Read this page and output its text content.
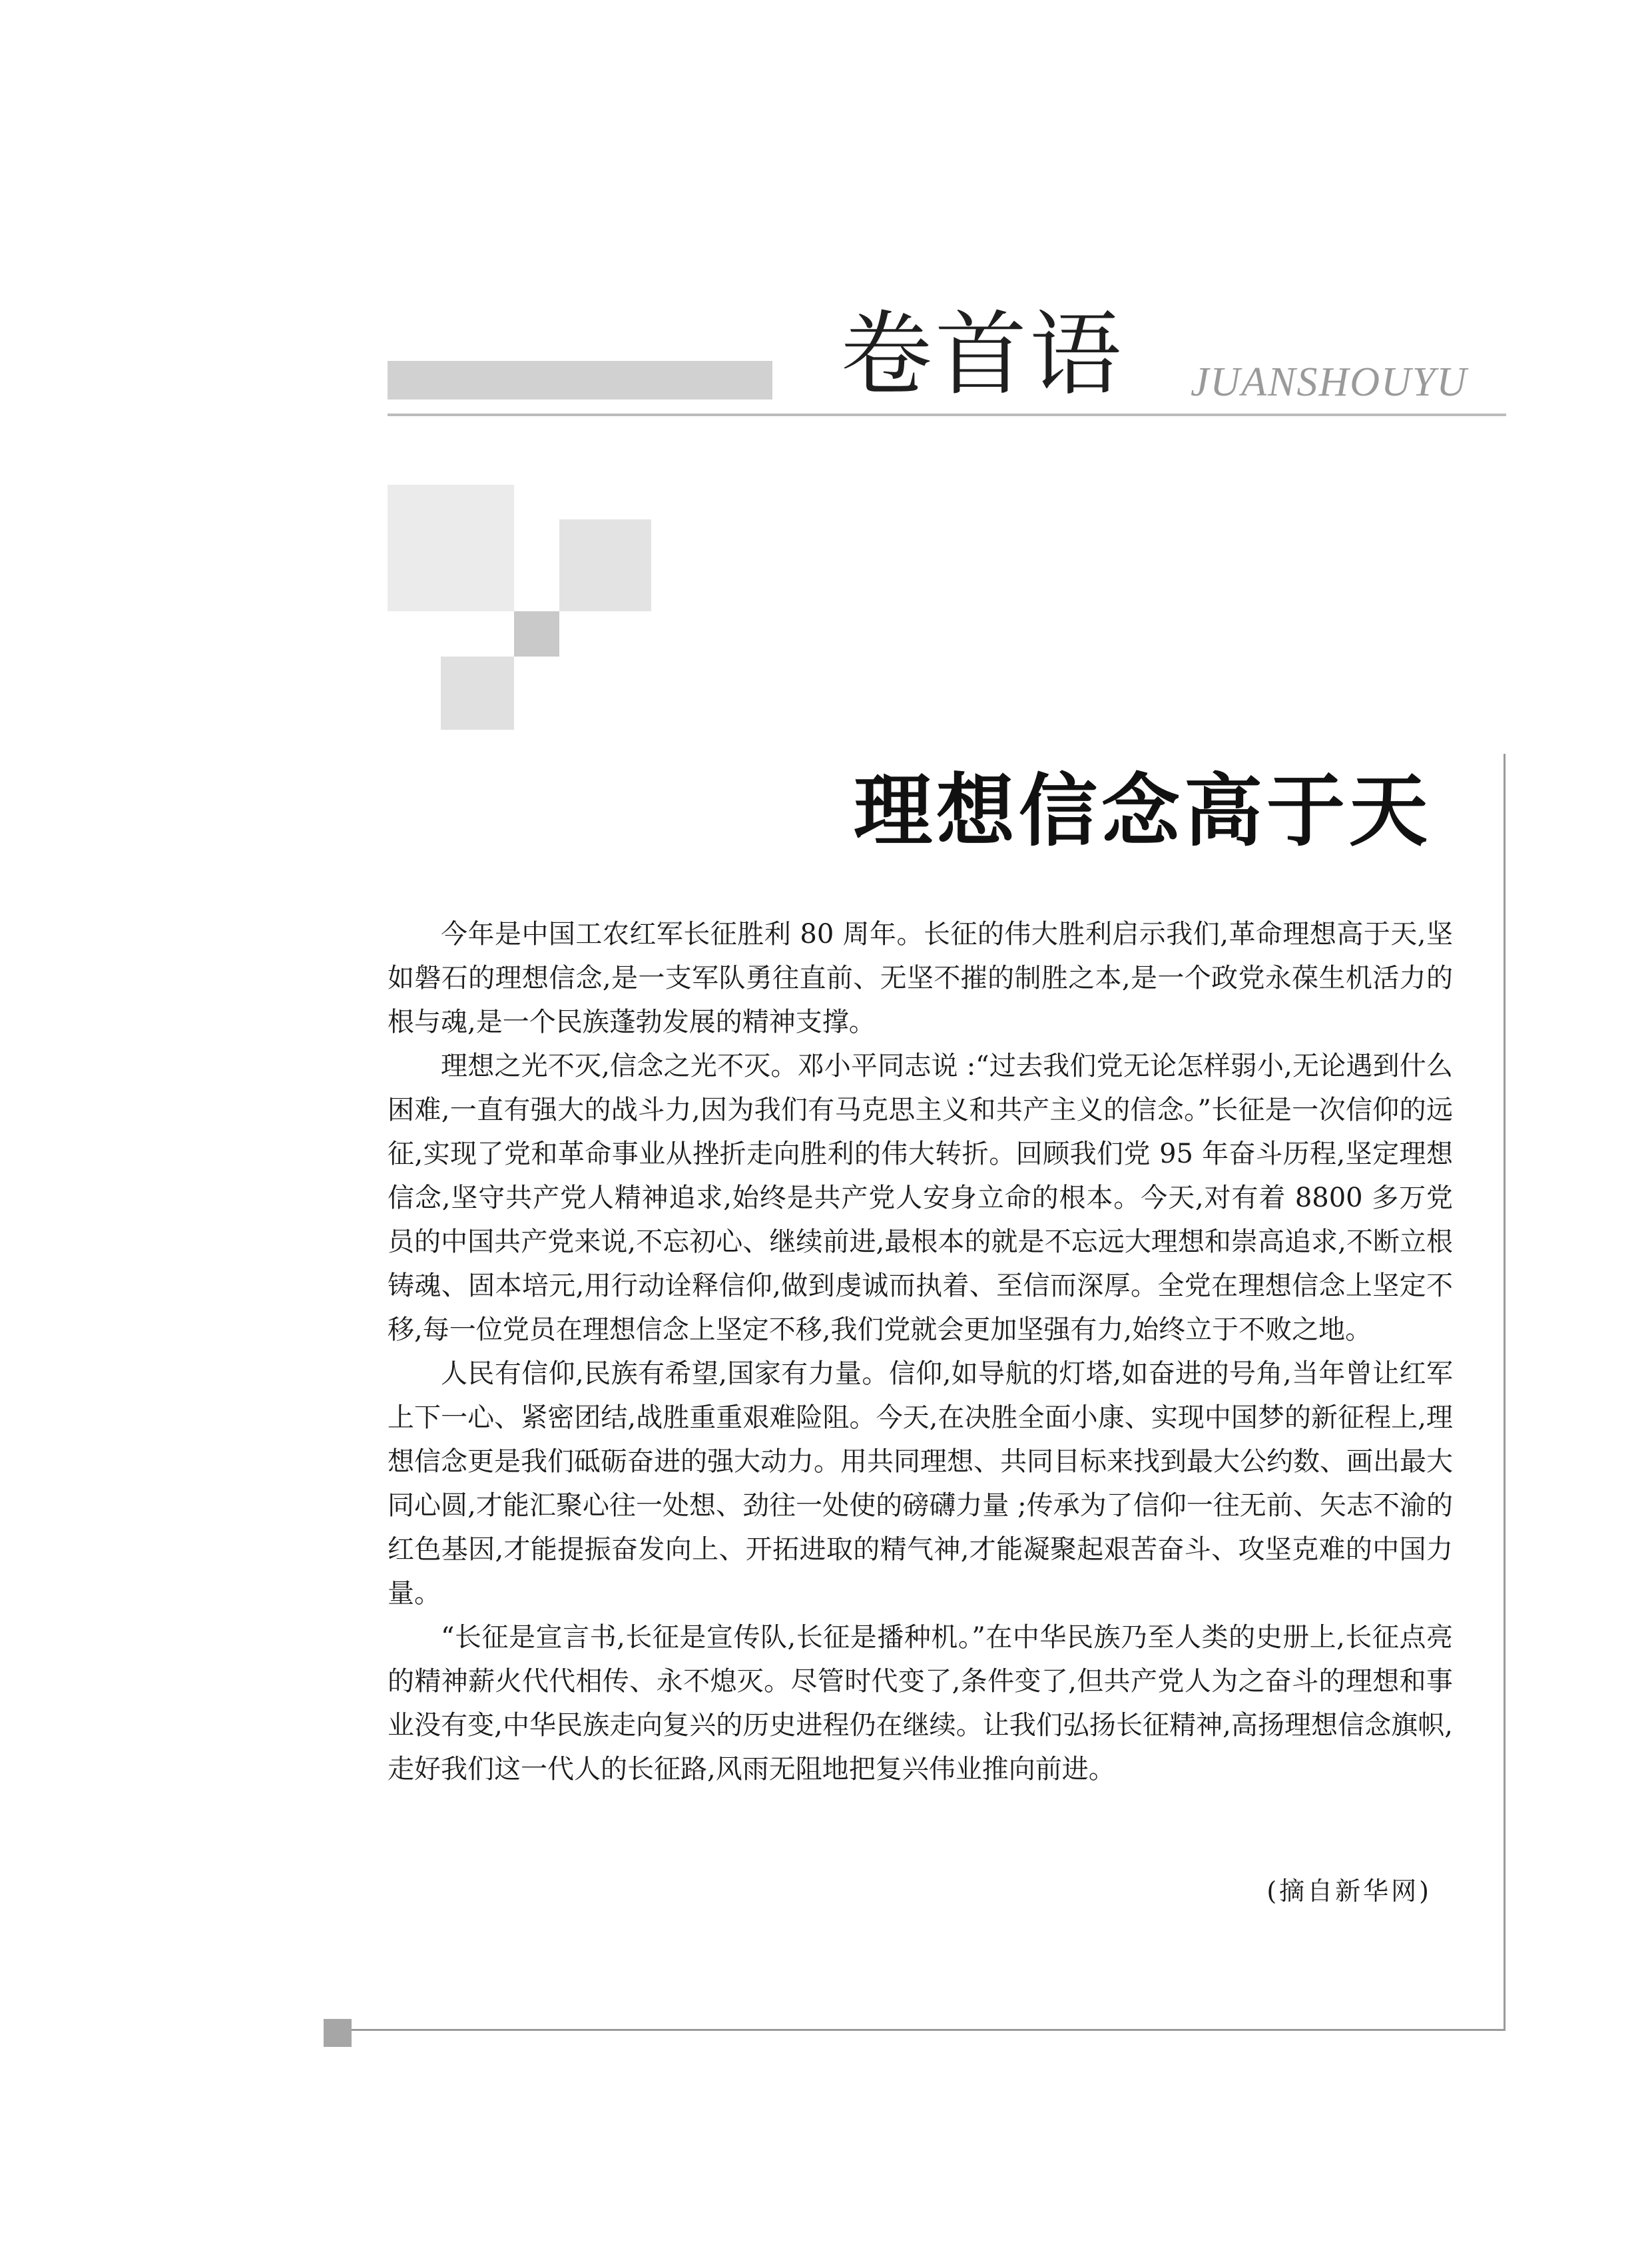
卷首语 JUANSHOUYU
理想信念高于天

今年是中国工农红军长征胜利 80 周年。长征的伟大胜利启示我们,革命理想高于天,坚如磐石的理想信念,是一支军队勇往直前、无坚不摧的制胜之本,是一个政党永葆生机活力的根与魂,是一个民族蓬勃发展的精神支撑。

理想之光不灭,信念之光不灭。邓小平同志说 :“过去我们党无论怎样弱小,无论遇到什么困难,一直有强大的战斗力,因为我们有马克思主义和共产主义的信念。”长征是一次信仰的远征,实现了党和革命事业从挫折走向胜利的伟大转折。回顾我们党 95 年奋斗历程,坚定理想信念,坚守共产党人精神追求,始终是共产党人安身立命的根本。今天,对有着 8800 多万党员的中国共产党来说,不忘初心、继续前进,最根本的就是不忘远大理想和崇高追求,不断立根铸魂、固本培元,用行动诠释信仰,做到虔诚而执着、至信而深厚。全党在理想信念上坚定不移,每一位党员在理想信念上坚定不移,我们党就会更加坚强有力,始终立于不败之地。

人民有信仰,民族有希望,国家有力量。信仰,如导航的灯塔,如奋进的号角,当年曾让红军上下一心、紧密团结,战胜重重艰难险阻。今天,在决胜全面小康、实现中国梦的新征程上,理想信念更是我们砥砺奋进的强大动力。用共同理想、共同目标来找到最大公约数、画出最大同心圆,才能汇聚心往一处想、劲往一处使的磅礴力量 ;传承为了信仰一往无前、矢志不渝的红色基因,才能提振奋发向上、开拓进取的精气神,才能凝聚起艰苦奋斗、攻坚克难的中国力量。

“长征是宣言书,长征是宣传队,长征是播种机。”在中华民族乃至人类的史册上,长征点亮的精神薪火代代相传、永不熄灭。尽管时代变了,条件变了,但共产党人为之奋斗的理想和事业没有变,中华民族走向复兴的历史进程仍在继续。让我们弘扬长征精神,高扬理想信念旗帜,走好我们这一代人的长征路,风雨无阻地把复兴伟业推向前进。

(摘自新华网)
